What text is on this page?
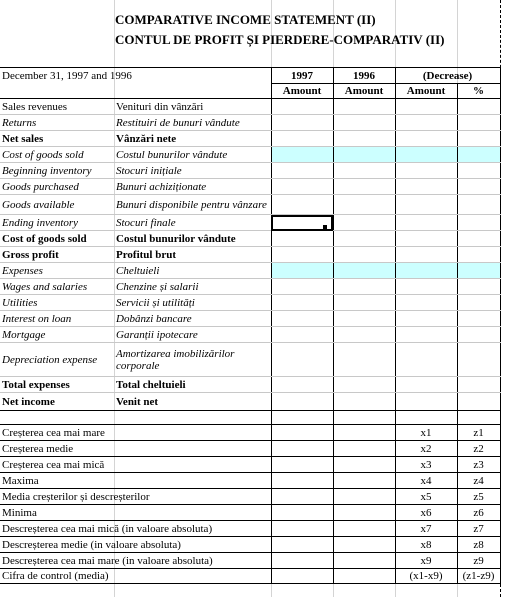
COMPARATIVE INCOME STATEMENT (II)
CONTUL DE PROFIT ȘI PIERDERE-COMPARATIV (II)
December 31, 1997 and 1996		1997	1996	(Decrease)	
		Amount	Amount	Amount	%
Sales revenues	Venituri din vânzări				
Returns	Restituiri de bunuri vândute				
Net sales	Vânzări nete				
Cost of goods sold	Costul bunurilor vândute				
Beginning inventory	Stocuri inițiale				
Goods purchased	Bunuri achiziționate				
Goods available	Bunuri disponibile pentru vânzare				
Ending inventory	Stocuri finale	

Cost of goods sold	Costul bunurilor vândute				
Gross profit	Profitul brut				
Expenses	Cheltuieli				
Wages and salaries	Chenzine și salarii				
Utilities	Servicii și utilități				
Interest on loan	Dobânzi bancare				
Mortgage	Garanții ipotecare				
Depreciation expense	Amortizarea imobilizărilor corporale				
Total expenses	Total cheltuieli				
Net income	Venit net				

Creșterea cea mai mare				x1	z1
Creșterea medie				x2	z2
Creșterea cea mai mică				x3	z3
Maxima				x4	z4
Media creșterilor și descreșterilor				x5	z5
Minima				x6	z6
Descreșterea cea mai mică (in valoare absoluta)				x7	z7
Descreșterea medie (in valoare absoluta)				x8	z8
Descreșterea cea mai mare (in valoare absoluta)				x9	z9
Cifra de control (media)				(x1-x9)	(z1-z9)
